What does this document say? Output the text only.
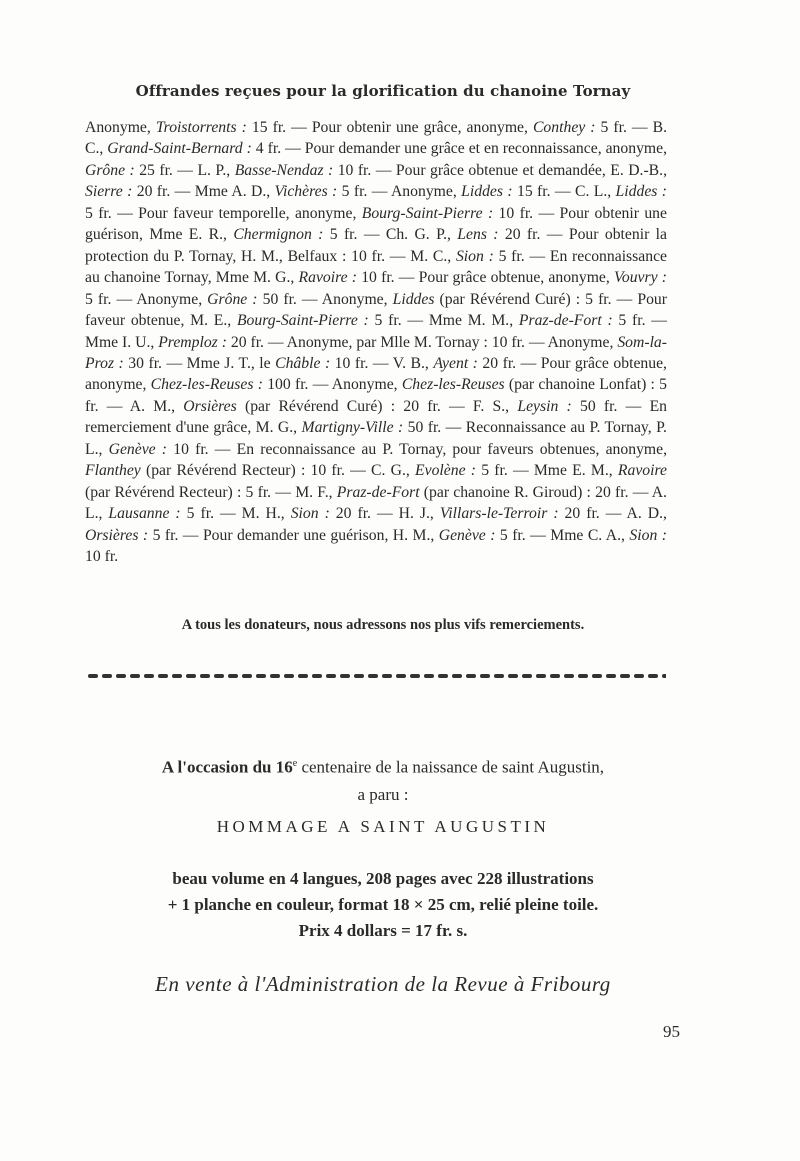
Offrandes reçues pour la glorification du chanoine Tornay

Anonyme, Troistorrents : 15 fr. — Pour obtenir une grâce, anonyme, Conthey : 5 fr. — B. C., Grand-Saint-Bernard : 4 fr. — Pour demander une grâce et en reconnaissance, anonyme, Grône : 25 fr. — L. P., Basse-Nendaz : 10 fr. — Pour grâce obtenue et demandée, E. D.-B., Sierre : 20 fr. — Mme A. D., Vichères : 5 fr. — Anonyme, Liddes : 15 fr. — C. L., Liddes : 5 fr. — Pour faveur temporelle, anonyme, Bourg-Saint-Pierre : 10 fr. — Pour obtenir une guérison, Mme E. R., Chermignon : 5 fr. — Ch. G. P., Lens : 20 fr. — Pour obtenir la protection du P. Tornay, H. M., Belfaux : 10 fr. — M. C., Sion : 5 fr. — En reconnaissance au chanoine Tornay, Mme M. G., Ravoire : 10 fr. — Pour grâce obtenue, anonyme, Vouvry : 5 fr. — Anonyme, Grône : 50 fr. — Anonyme, Liddes (par Révérend Curé) : 5 fr. — Pour faveur obtenue, M. E., Bourg-Saint-Pierre : 5 fr. — Mme M. M., Praz-de-Fort : 5 fr. — Mme I. U., Premploz : 20 fr. — Anonyme, par Mlle M. Tornay : 10 fr. — Anonyme, Som-la-Proz : 30 fr. — Mme J. T., le Châble : 10 fr. — V. B., Ayent : 20 fr. — Pour grâce obtenue, anonyme, Chez-les-Reuses : 100 fr. — Anonyme, Chez-les-Reuses (par chanoine Lonfat) : 5 fr. — A. M., Orsières (par Révérend Curé) : 20 fr. — F. S., Leysin : 50 fr. — En remerciement d'une grâce, M. G., Martigny-Ville : 50 fr. — Reconnaissance au P. Tornay, P. L., Genève : 10 fr. — En reconnaissance au P. Tornay, pour faveurs obtenues, anonyme, Flanthey (par Révérend Recteur) : 10 fr. — C. G., Evolène : 5 fr. — Mme E. M., Ravoire (par Révérend Recteur) : 5 fr. — M. F., Praz-de-Fort (par chanoine R. Giroud) : 20 fr. — A. L., Lausanne : 5 fr. — M. H., Sion : 20 fr. — H. J., Villars-le-Terroir : 20 fr. — A. D., Orsières : 5 fr. — Pour demander une guérison, H. M., Genève : 5 fr. — Mme C. A., Sion : 10 fr.

A tous les donateurs, nous adressons nos plus vifs remerciements.
A l'occasion du 16e centenaire de la naissance de saint Augustin,
a paru :
HOMMAGE A SAINT AUGUSTIN
beau volume en 4 langues, 208 pages avec 228 illustrations
+ 1 planche en couleur, format 18 × 25 cm, relié pleine toile.
Prix 4 dollars = 17 fr. s.
En vente à l'Administration de la Revue à Fribourg
95
